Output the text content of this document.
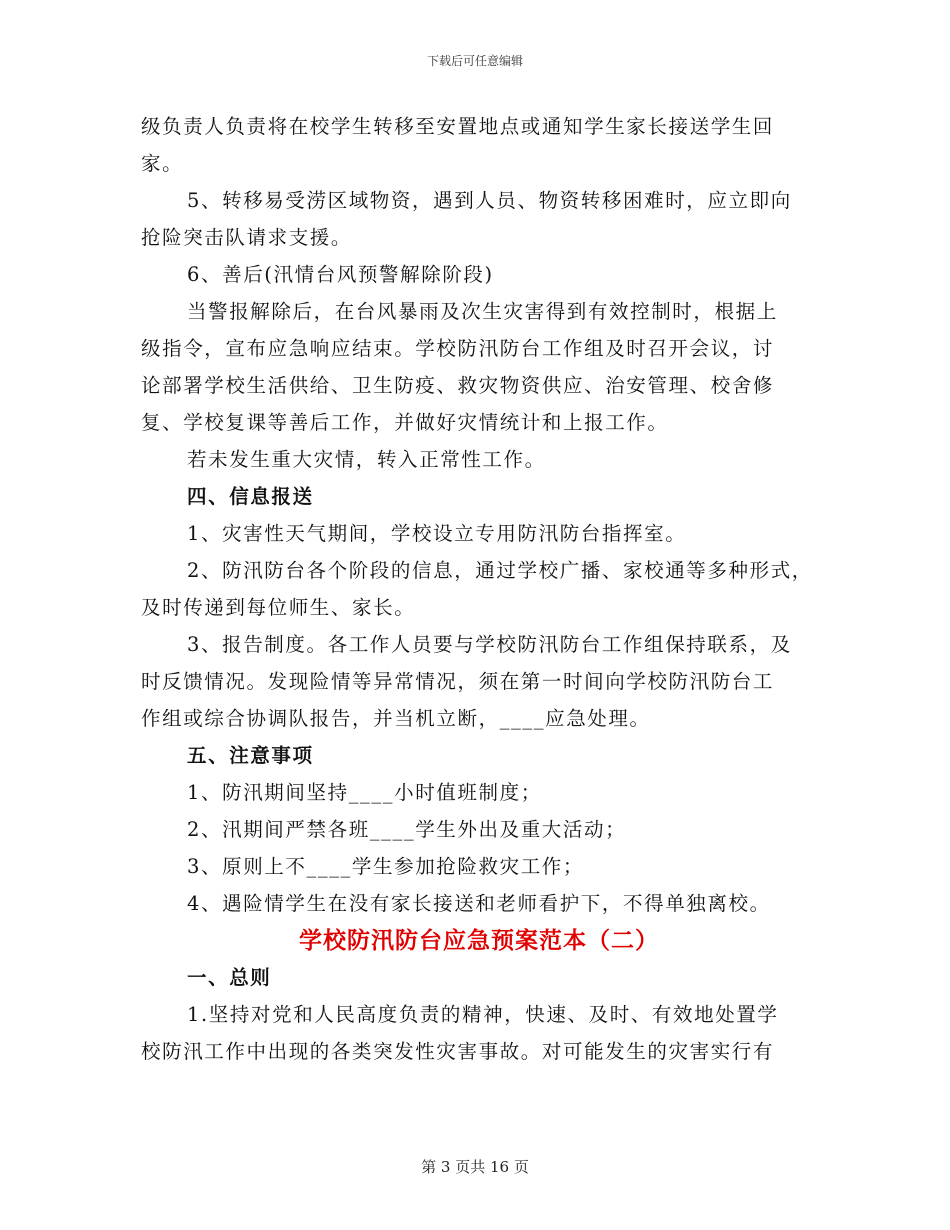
下载后可任意编辑
级负责人负责将在校学生转移至安置地点或通知学生家长接送学生回
家。
5、转移易受涝区域物资，遇到人员、物资转移困难时，应立即向
抢险突击队请求支援。
6、善后(汛情台风预警解除阶段)
当警报解除后，在台风暴雨及次生灾害得到有效控制时，根据上
级指令，宣布应急响应结束。学校防汛防台工作组及时召开会议，讨
论部署学校生活供给、卫生防疫、救灾物资供应、治安管理、校舍修
复、学校复课等善后工作，并做好灾情统计和上报工作。
若未发生重大灾情，转入正常性工作。
四、信息报送
1、灾害性天气期间，学校设立专用防汛防台指挥室。
2、防汛防台各个阶段的信息，通过学校广播、家校通等多种形式，
及时传递到每位师生、家长。
3、报告制度。各工作人员要与学校防汛防台工作组保持联系，及
时反馈情况。发现险情等异常情况，须在第一时间向学校防汛防台工
作组或综合协调队报告，并当机立断，____应急处理。
五、注意事项
1、防汛期间坚持____小时值班制度；
2、汛期间严禁各班____学生外出及重大活动；
3、原则上不____学生参加抢险救灾工作；
4、遇险情学生在没有家长接送和老师看护下，不得单独离校。
学校防汛防台应急预案范本（二）
一、总则
1.坚持对党和人民高度负责的精神，快速、及时、有效地处置学
校防汛工作中出现的各类突发性灾害事故。对可能发生的灾害实行有
第 3 页共 16 页
